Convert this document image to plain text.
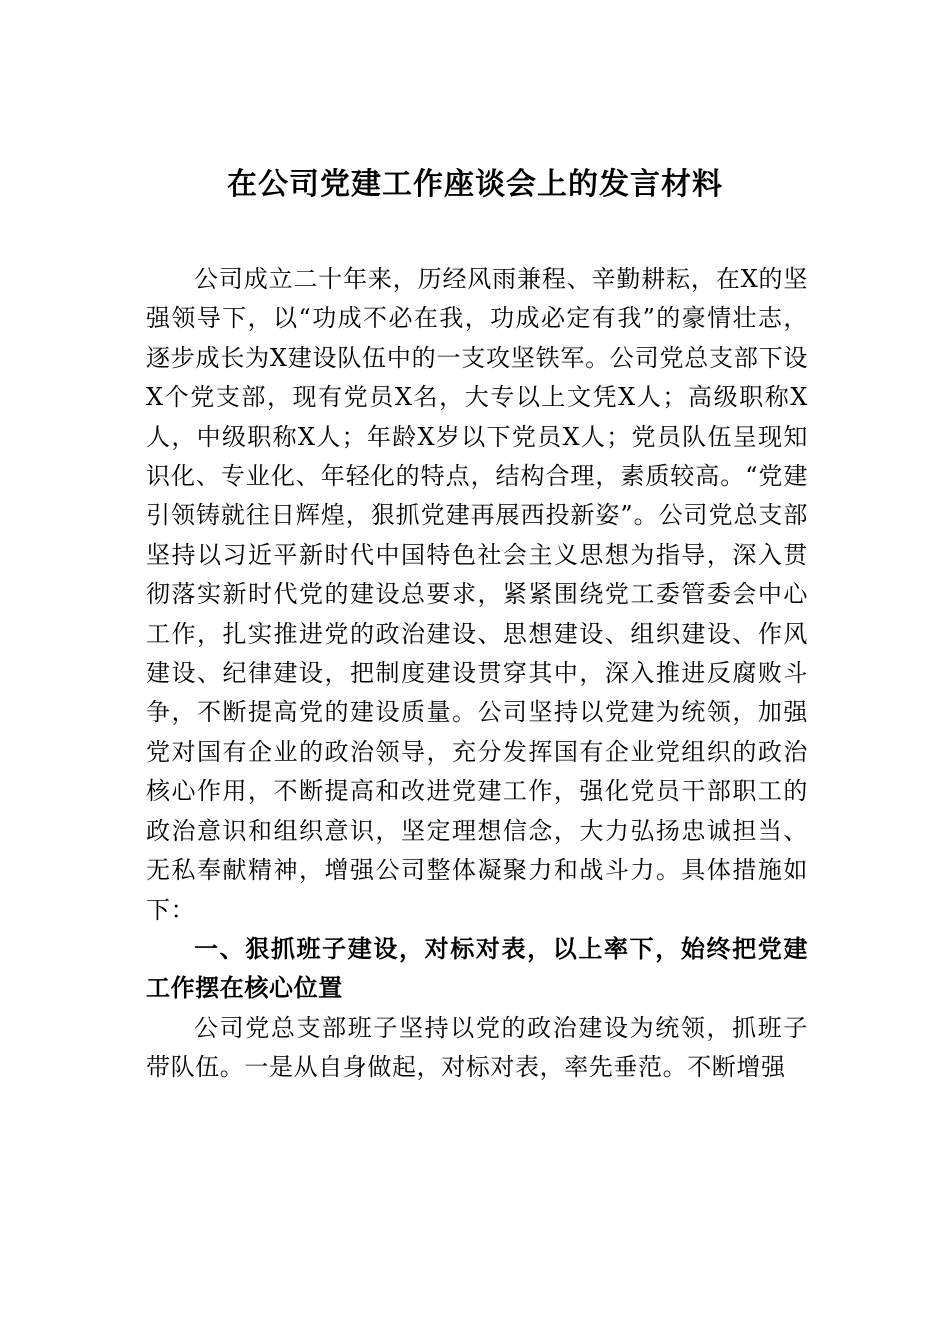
在公司党建工作座谈会上的发言材料

公司成立二十年来，历经风雨兼程、辛勤耕耘，在X的坚强领导下，以“功成不必在我，功成必定有我”的豪情壮志，逐步成长为X建设队伍中的一支攻坚铁军。公司党总支部下设X个党支部，现有党员X名，大专以上文凭X人；高级职称X人，中级职称X人；年龄X岁以下党员X人；党员队伍呈现知识化、专业化、年轻化的特点，结构合理，素质较高。“党建引领铸就往日辉煌，狠抓党建再展西投新姿”。公司党总支部坚持以习近平新时代中国特色社会主义思想为指导，深入贯彻落实新时代党的建设总要求，紧紧围绕党工委管委会中心工作，扎实推进党的政治建设、思想建设、组织建设、作风建设、纪律建设，把制度建设贯穿其中，深入推进反腐败斗争，不断提高党的建设质量。公司坚持以党建为统领，加强党对国有企业的政治领导，充分发挥国有企业党组织的政治核心作用，不断提高和改进党建工作，强化党员干部职工的政治意识和组织意识，坚定理想信念，大力弘扬忠诚担当、无私奉献精神，增强公司整体凝聚力和战斗力。具体措施如下：

一、狠抓班子建设，对标对表，以上率下，始终把党建工作摆在核心位置

公司党总支部班子坚持以党的政治建设为统领，抓班子带队伍。一是从自身做起，对标对表，率先垂范。不断增强
